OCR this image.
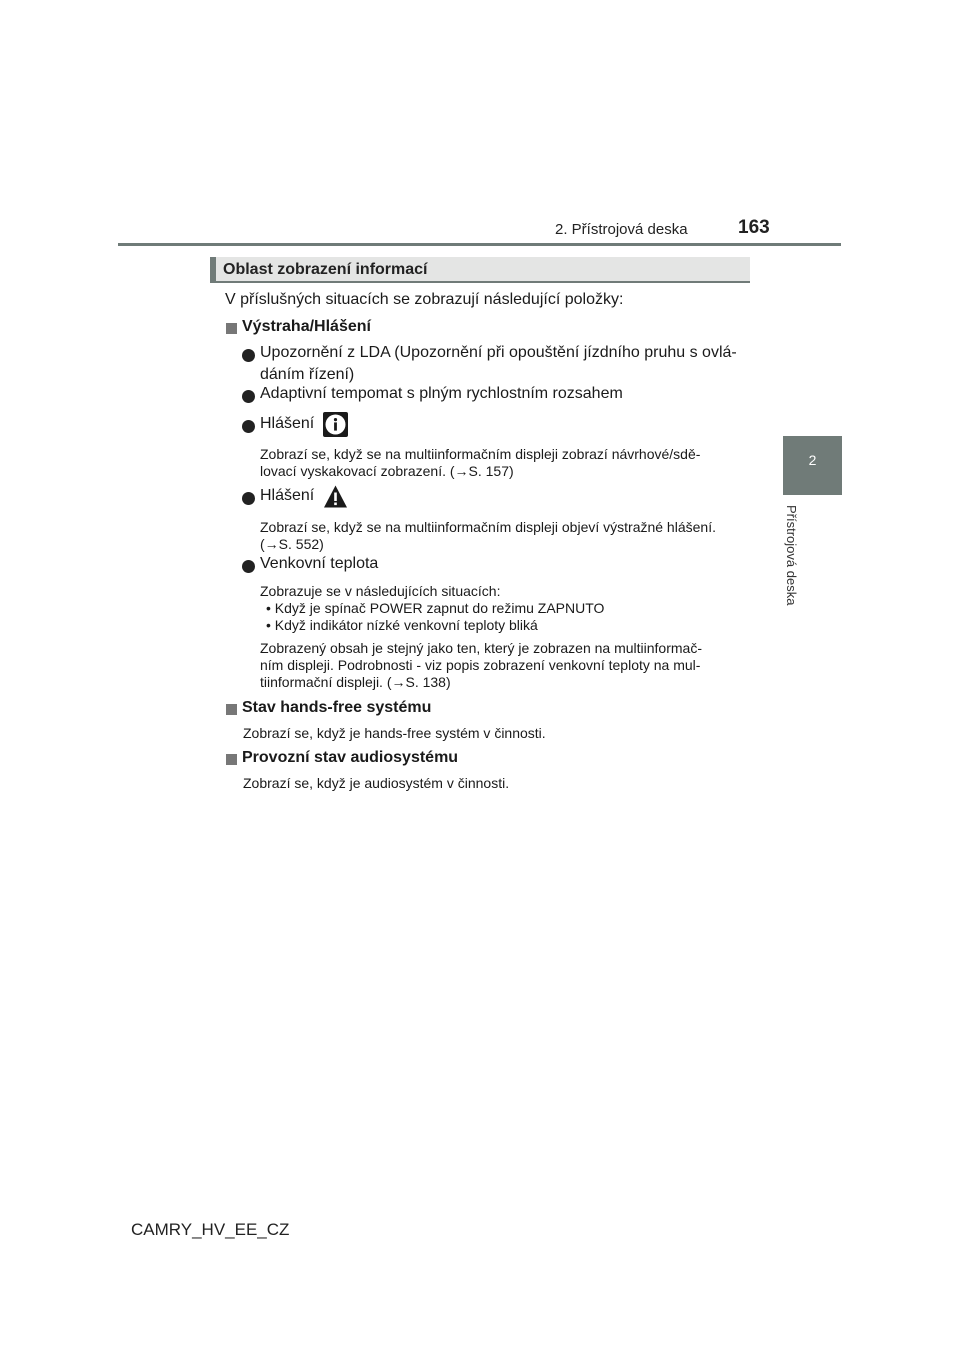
2. Přístrojová deska	163
2
Přístrojová deska
Oblast zobrazení informací
V příslušných situacích se zobrazují následující položky:
Výstraha/Hlášení
Upozornění z LDA (Upozornění při opouštění jízdního pruhu s ovlá-
dáním řízení)
Adaptivní tempomat s plným rychlostním rozsahem
Hlášení
Zobrazí se, když se na multiinformačním displeji zobrazí návrhové/sdě-
lovací vyskakovací zobrazení. (→S. 157)
Hlášení
Zobrazí se, když se na multiinformačním displeji objeví výstražné hlášení.
(→S. 552)
Venkovní teplota
Zobrazuje se v následujících situacích:
• Když je spínač POWER zapnut do režimu ZAPNUTO
• Když indikátor nízké venkovní teploty bliká
Zobrazený obsah je stejný jako ten, který je zobrazen na multiinformač-
ním displeji. Podrobnosti - viz popis zobrazení venkovní teploty na mul-
tiinformační displeji. (→S. 138)
Stav hands-free systému
Zobrazí se, když je hands-free systém v činnosti.
Provozní stav audiosystému
Zobrazí se, když je audiosystém v činnosti.
CAMRY_HV_EE_CZ
